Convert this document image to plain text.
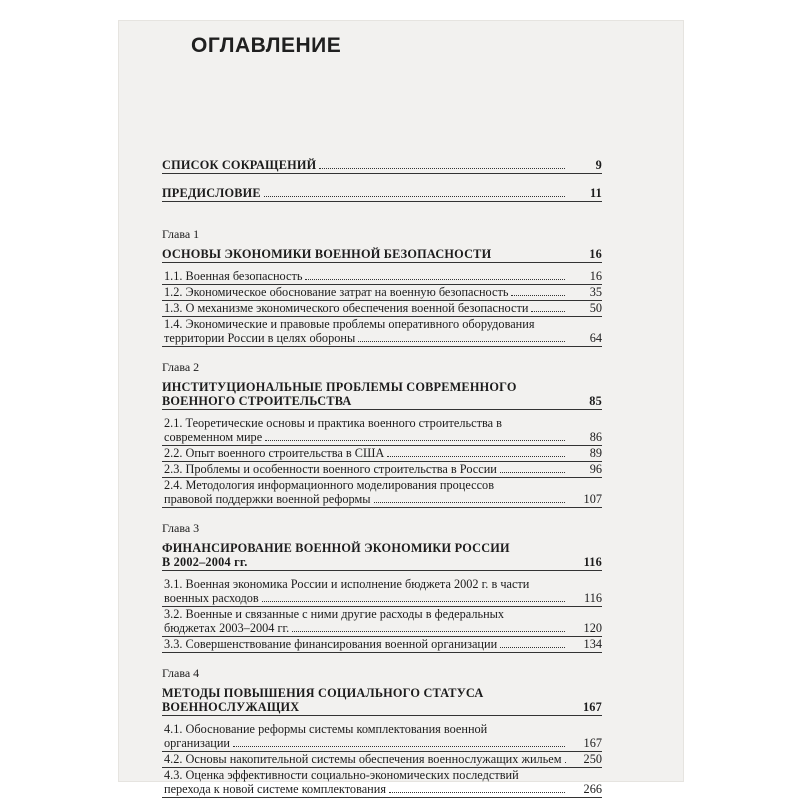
ОГЛАВЛЕНИЕ
СПИСОК СОКРАЩЕНИЙ	9
ПРЕДИСЛОВИЕ	11
Глава 1
ОСНОВЫ ЭКОНОМИКИ ВОЕННОЙ БЕЗОПАСНОСТИ	16
1.1. Военная безопасность	16
1.2. Экономическое обоснование затрат на военную безопасность	35
1.3. О механизме экономического обеспечения военной безопасности	50
1.4. Экономические и правовые проблемы оперативного оборудования
территории России в целях обороны	64
Глава 2
ИНСТИТУЦИОНАЛЬНЫЕ ПРОБЛЕМЫ СОВРЕМЕННОГО
ВОЕННОГО СТРОИТЕЛЬСТВА	85
2.1. Теоретические основы и практика военного строительства в
современном мире	86
2.2. Опыт военного строительства в США	89
2.3. Проблемы и особенности военного строительства в России	96
2.4. Методология информационного моделирования процессов
правовой поддержки военной реформы	107
Глава 3
ФИНАНСИРОВАНИЕ ВОЕННОЙ ЭКОНОМИКИ РОССИИ
В 2002–2004 гг.	116
3.1. Военная экономика России и исполнение бюджета 2002 г. в части
военных расходов	116
3.2. Военные и связанные с ними другие расходы в федеральных
бюджетах 2003–2004 гг.	120
3.3. Совершенствование финансирования военной организации	134
Глава 4
МЕТОДЫ ПОВЫШЕНИЯ СОЦИАЛЬНОГО СТАТУСА
ВОЕННОСЛУЖАЩИХ	167
4.1. Обоснование реформы системы комплектования военной
организации	167
4.2. Основы накопительной системы обеспечения военнослужащих жильем	250
4.3. Оценка эффективности социально-экономических последствий
перехода к новой системе комплектования	266
